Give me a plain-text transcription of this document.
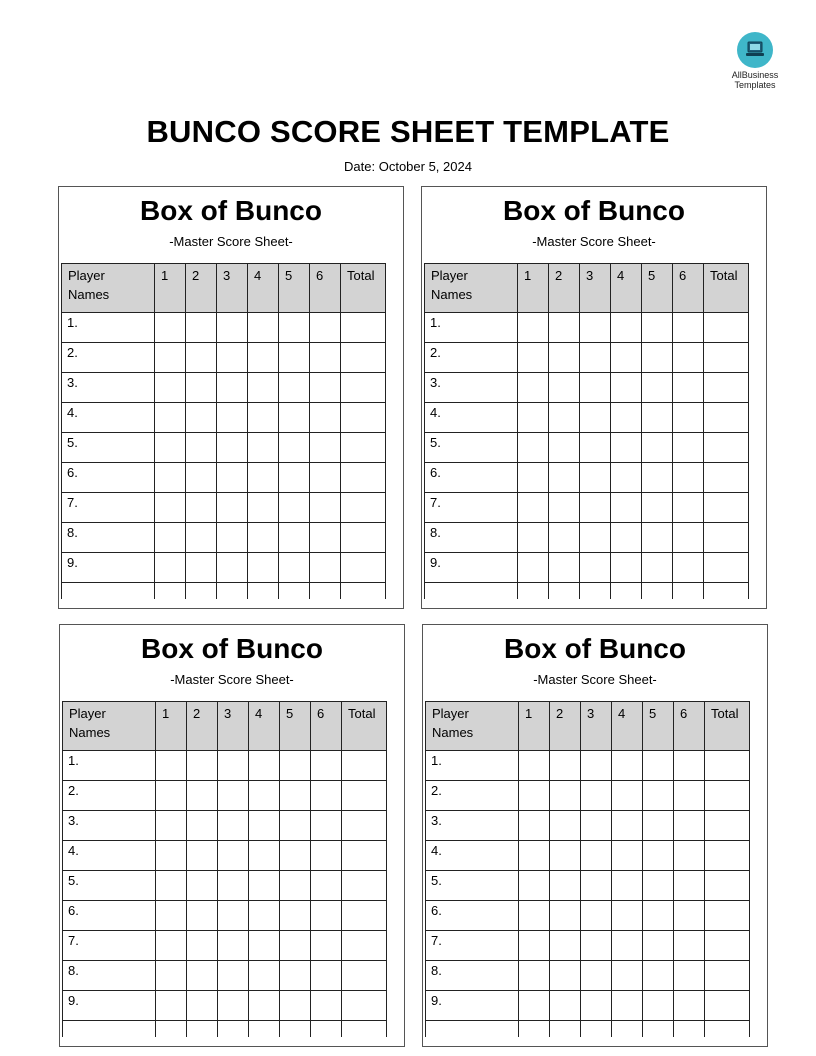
AllBusiness
Templates
BUNCO SCORE SHEET TEMPLATE
Date: October 5, 2024
Box of Bunco
-Master Score Sheet-
Player
Names	1	2	3	4	5	6	Total
1.							
2.							
3.							
4.							
5.							
6.							
7.							
8.							
9.							

Box of Bunco
-Master Score Sheet-
Player
Names	1	2	3	4	5	6	Total
1.							
2.							
3.							
4.							
5.							
6.							
7.							
8.							
9.							

Box of Bunco
-Master Score Sheet-
Player
Names	1	2	3	4	5	6	Total
1.							
2.							
3.							
4.							
5.							
6.							
7.							
8.							
9.							

Box of Bunco
-Master Score Sheet-
Player
Names	1	2	3	4	5	6	Total
1.							
2.							
3.							
4.							
5.							
6.							
7.							
8.							
9.							
